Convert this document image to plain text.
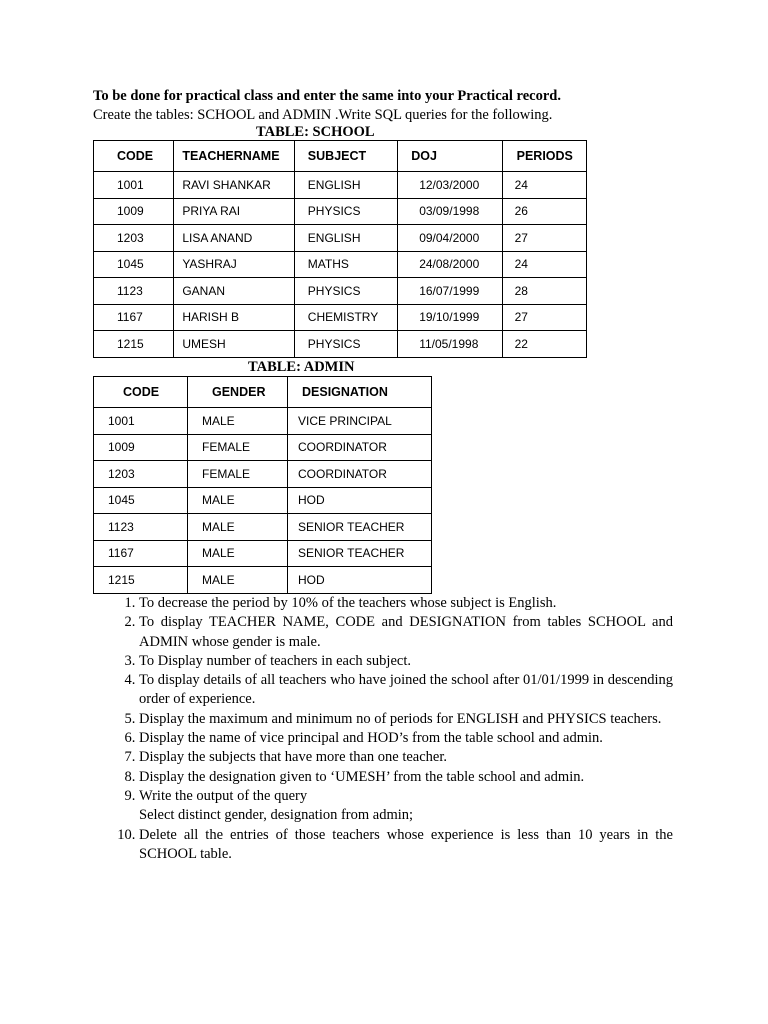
To be done for practical class and enter the same into your Practical record.
Create the tables: SCHOOL and ADMIN .Write SQL queries for the following.
TABLE: SCHOOL
CODE	TEACHERNAME	SUBJECT	DOJ	PERIODS
1001	RAVI SHANKAR	ENGLISH	12/03/2000	24
1009	PRIYA RAI	PHYSICS	03/09/1998	26
1203	LISA ANAND	ENGLISH	09/04/2000	27
1045	YASHRAJ	MATHS	24/08/2000	24
1123	GANAN	PHYSICS	16/07/1999	28
1167	HARISH B	CHEMISTRY	19/10/1999	27
1215	UMESH	PHYSICS	11/05/1998	22
TABLE: ADMIN
CODE	GENDER	DESIGNATION
1001	MALE	VICE PRINCIPAL
1009	FEMALE	COORDINATOR
1203	FEMALE	COORDINATOR
1045	MALE	HOD
1123	MALE	SENIOR TEACHER
1167	MALE	SENIOR TEACHER
1215	MALE	HOD
1. To decrease the period by 10% of the teachers whose subject is English.
2. To display TEACHER NAME, CODE and DESIGNATION from tables SCHOOL and ADMIN whose gender is male.
3. To Display number of teachers in each subject.
4. To display details of all teachers who have joined the school after 01/01/1999 in descending order of experience.
5. Display the maximum and minimum no of periods for ENGLISH and PHYSICS teachers.
6. Display the name of vice principal and HOD’s from the table school and admin.
7. Display the subjects that have more than one teacher.
8. Display the designation given to ‘UMESH’ from the table school and admin.
9. Write the output of the query
Select distinct gender, designation from admin;
10. Delete all the entries of those teachers whose experience is less than 10 years in the SCHOOL table.
